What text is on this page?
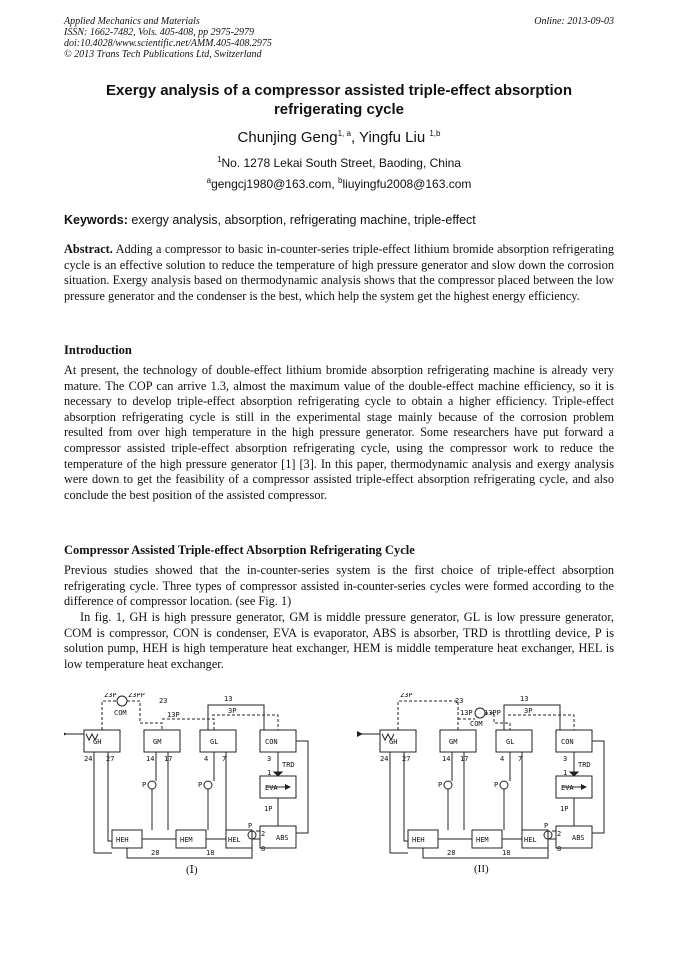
Applied Mechanics and Materials
ISSN: 1662-7482, Vols. 405-408, pp 2975-2979
doi:10.4028/www.scientific.net/AMM.405-408.2975
© 2013 Trans Tech Publications Ltd, Switzerland
Online: 2013-09-03
Exergy analysis of a compressor assisted triple-effect absorption
refrigerating cycle
Chunjing Geng$^{1, a}$, Yingfu Liu $^{1,b}$
$^1$No. 1278 Lekai South Street, Baoding, China
$^a$gengcj1980@163.com, $^b$liuyingfu2008@163.com
Keywords: exergy analysis, absorption, refrigerating machine, triple-effect
Abstract. Adding a compressor to basic in-counter-series triple-effect lithium bromide absorption refrigerating cycle is an effective solution to reduce the temperature of high pressure generator and slow down the corrosion situation. Exergy analysis based on thermodynamic analysis shows that the compressor placed between the low pressure generator and the condenser is the best, which help the system get the highest energy efficiency.
Introduction
At present, the technology of double-effect lithium bromide absorption refrigerating machine is already very mature. The COP can arrive 1.3, almost the maximum value of the double-effect machine efficiency, so it is necessary to develop triple-effect absorption refrigerating cycle to obtain a higher efficiency. Triple-effect absorption refrigerating cycle is still in the experimental stage mainly because of the corrosion problem resulted from over high temperature in the high pressure generator. Some researchers have put forward a compressor assisted triple-effect absorption refrigerating cycle, using the compressor work to reduce the temperature of the high pressure generator [1] [3]. In this paper, thermodynamic analysis and exergy analysis were down to get the feasibility of a compressor assisted triple-effect absorption refrigerating cycle, and also conclude the best position of the assisted compressor.
Compressor Assisted Triple-effect Absorption Refrigerating Cycle
Previous studies showed that the in-counter-series system is the first choice of triple-effect absorption refrigerating cycle. Three types of compressor assisted in-counter-series cycles were formed according to the difference of compressor location. (see Fig. 1)
In fig. 1, GH is high pressure generator, GM is middle pressure generator, GL is low pressure generator, COM is compressor, CON is condenser, EVA is evaporator, ABS is absorber, TRD is throttling device, P is solution pump, HEH is high temperature heat exchanger, HEM is middle temperature heat exchanger, HEL is low temperature heat exchanger.
23P 23PP
23	13
13P	3P
COM
GH	GM	GL	CON
TRD
EVA
ABS
HEH	HEM	HEL
P	P
P
24 27	14 17	4 7	3
1
1P
2
8
28	18
23P
23	13
13P 13PP	3P
COM
GH	GM	GL	CON
TRD
EVA
ABS
HEH	HEM	HEL
P	P
P
24 27	14 17	4 7	3
1
1P
2
8
28	18
(Ⅰ)	(II)
